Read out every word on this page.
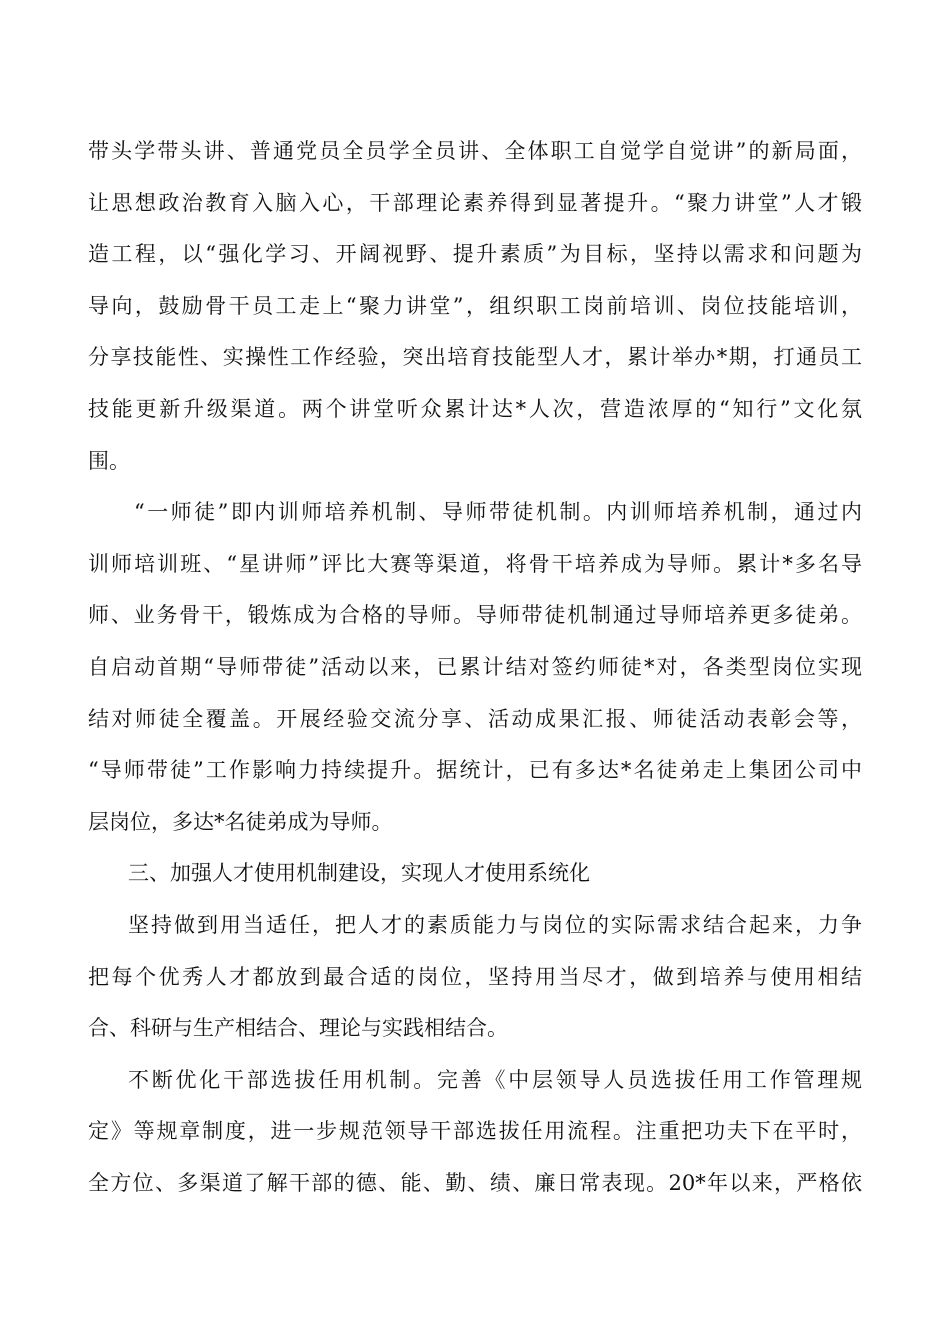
带头学带头讲、普通党员全员学全员讲、全体职工自觉学自觉讲”的新局面，
让思想政治教育入脑入心，干部理论素养得到显著提升。“聚力讲堂”人才锻
造工程，以“强化学习、开阔视野、提升素质”为目标，坚持以需求和问题为
导向，鼓励骨干员工走上“聚力讲堂”，组织职工岗前培训、岗位技能培训，
分享技能性、实操性工作经验，突出培育技能型人才，累计举办*期，打通员工
技能更新升级渠道。两个讲堂听众累计达*人次，营造浓厚的“知行”文化氛
围。
“一师徒”即内训师培养机制、导师带徒机制。内训师培养机制，通过内
训师培训班、“星讲师”评比大赛等渠道，将骨干培养成为导师。累计*多名导
师、业务骨干，锻炼成为合格的导师。导师带徒机制通过导师培养更多徒弟。
自启动首期“导师带徒”活动以来，已累计结对签约师徒*对，各类型岗位实现
结对师徒全覆盖。开展经验交流分享、活动成果汇报、师徒活动表彰会等，
“导师带徒”工作影响力持续提升。据统计，已有多达*名徒弟走上集团公司中
层岗位，多达*名徒弟成为导师。
三、加强人才使用机制建设，实现人才使用系统化
坚持做到用当适任，把人才的素质能力与岗位的实际需求结合起来，力争
把每个优秀人才都放到最合适的岗位，坚持用当尽才，做到培养与使用相结
合、科研与生产相结合、理论与实践相结合。
不断优化干部选拔任用机制。完善《中层领导人员选拔任用工作管理规
定》等规章制度，进一步规范领导干部选拔任用流程。注重把功夫下在平时，
全方位、多渠道了解干部的德、能、勤、绩、廉日常表现。20*年以来，严格依
